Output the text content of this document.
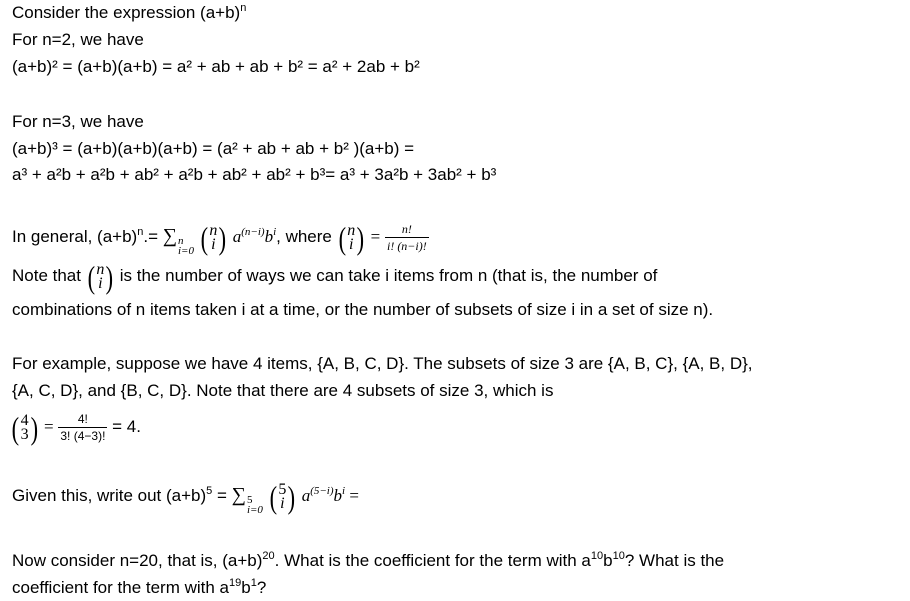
Consider the expression $(a+b)^n$
For n=2, we have
(a+b)² = (a+b)(a+b) = a² + ab + ab + b² = a² + 2ab + b²
For n=3, we have
(a+b)³ = (a+b)(a+b)(a+b) = (a² + ab + ab + b² )(a+b) =
a³ + a²b + a²b + ab² + a²b + ab² + ab² + b³= a³ + 3a²b + 3ab² + b³
In general, $(a+b)^n.=$ ∑ n
i=0
( n
i ) $a^{(n-i)}b^i$, where ( n
i ) = $\frac{n!}{i! (n-i)!}$
Note that ( n
i ) is the number of ways we can take i items from n (that is, the number of
combinations of n items taken i at a time, or the number of subsets of size i in a set of size n).
For example, suppose we have 4 items, {A, B, C, D}. The subsets of size 3 are {A, B, C}, {A, B, D},
{A, C, D}, and {B, C, D}. Note that there are 4 subsets of size 3, which is
( 4
3 ) = $\frac{4!}{3! (4-3)!} = 4$.
Given this, write out $(a+b)^5$ = ∑ 5
i=0
( 5
i ) $a^{(5-i)}b^i$ =
Now consider n=20, that is, $(a+b)^{20}$. What is the coefficient for the term with $a^{10}b^{10}$? What is the
coefficient for the term with $a^{19}b^1$?
